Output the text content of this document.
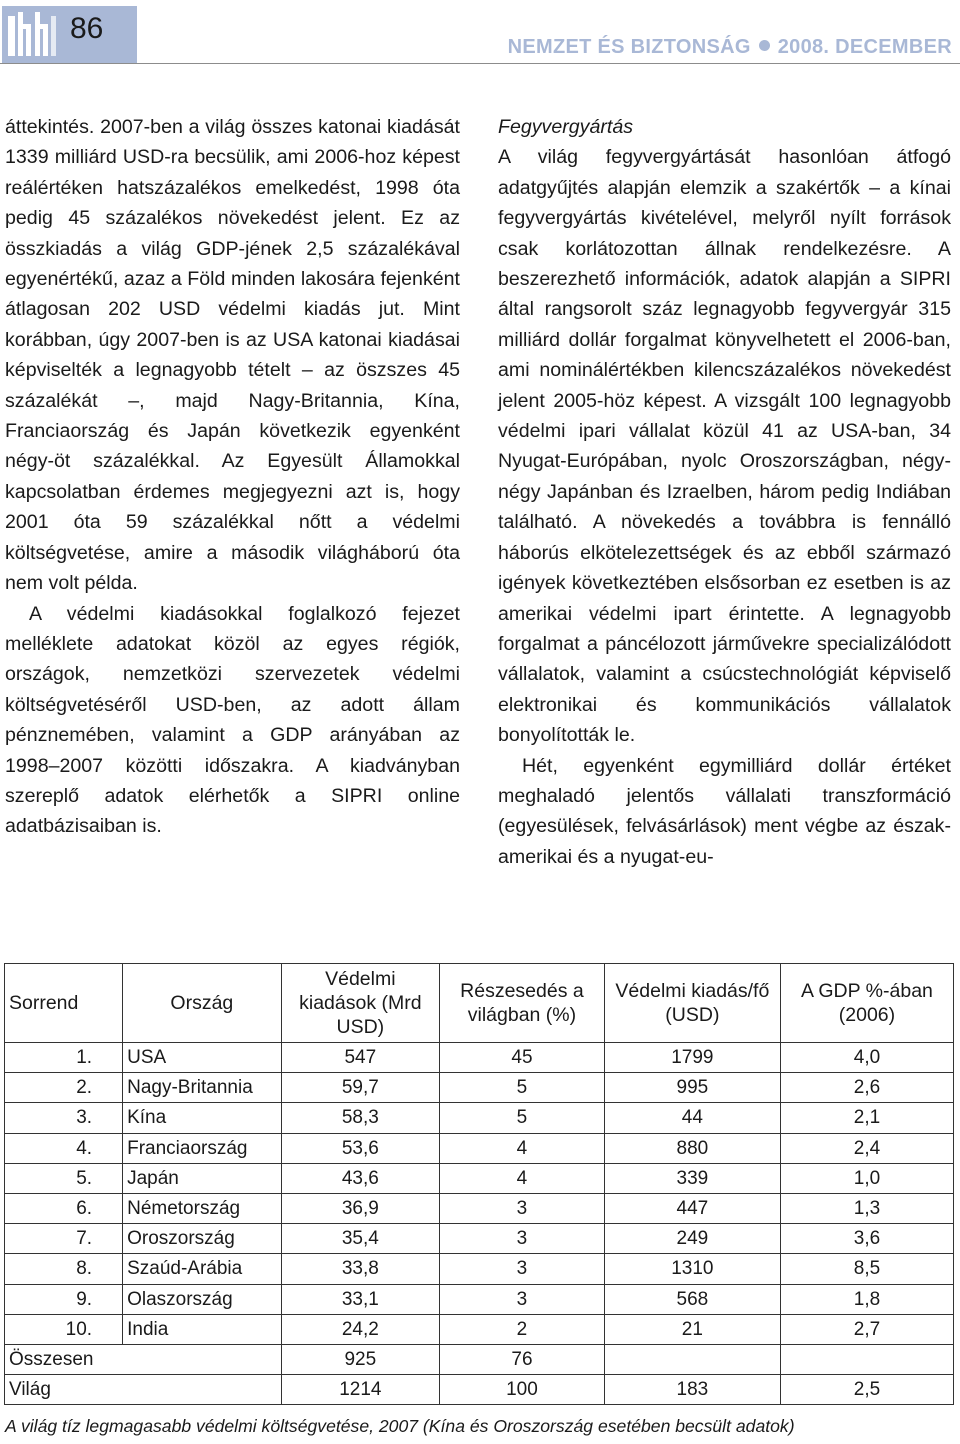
86
NEMZET ÉS BIZTONSÁG 2008. DECEMBER

áttekintés. 2007-ben a világ összes katonai kiadását 1339 milliárd USD-ra becsülik, ami 2006-hoz képest reálértéken hatszázalékos emelkedést, 1998 óta pedig 45 százalékos növekedést jelent. Ez az összkiadás a világ GDP-jének 2,5 százalékával egyenértékű, azaz a Föld minden lakosára fejenként átlagosan 202 USD védelmi kiadás jut. Mint korábban, úgy 2007-ben is az USA katonai kiadásai képviselték a legnagyobb tételt – az öszszes 45 százalékát –, majd Nagy-Britannia, Kína, Franciaország és Japán következik egyenként négy-öt százalékkal. Az Egyesült Államokkal kapcsolatban érdemes megjegyezni azt is, hogy 2001 óta 59 százalékkal nőtt a védelmi költségvetése, amire a második világháború óta nem volt példa.

A védelmi kiadásokkal foglalkozó fejezet melléklete adatokat közöl az egyes régiók, országok, nemzetközi szervezetek védelmi költségvetéséről USD-ben, az adott állam pénznemében, valamint a GDP arányában az 1998–2007 közötti időszakra. A kiadványban szereplő adatok elérhetők a SIPRI online adatbázisaiban is.

Fegyvergyártás

A világ fegyvergyártását hasonlóan átfogó adatgyűjtés alapján elemzik a szakértők – a kínai fegyvergyártás kivételével, melyről nyílt források csak korlátozottan állnak rendelkezésre. A beszerezhető információk, adatok alapján a SIPRI által rangsorolt száz legnagyobb fegyvergyár 315 milliárd dollár forgalmat könyvelhetett el 2006-ban, ami nominálértékben kilencszázalékos növekedést jelent 2005-höz képest. A vizsgált 100 legnagyobb védelmi ipari vállalat közül 41 az USA-ban, 34 Nyugat-Európában, nyolc Oroszországban, négy-négy Japánban és Izraelben, három pedig Indiában található. A növekedés a továbbra is fennálló háborús elkötelezettségek és az ebből származó igények következtében elsősorban ez esetben is az amerikai védelmi ipart érintette. A legnagyobb forgalmat a páncélozott járművekre specializálódott vállalatok, valamint a csúcstechnológiát képviselő elektronikai és kommunikációs vállalatok bonyolították le.

Hét, egyenként egymilliárd dollár értéket meghaladó jelentős vállalati transzformáció (egyesülések, felvásárlások) ment végbe az észak-amerikai és a nyugat-eu-

Sorrend	Ország	Védelmi kiadások (Mrd USD)	Részesedés a világban (%)	Védelmi kiadás/fő (USD)	A GDP %-ában (2006)
1.	USA	547	45	1799	4,0
2.	Nagy-Britannia	59,7	5	995	2,6
3.	Kína	58,3	5	44	2,1
4.	Franciaország	53,6	4	880	2,4
5.	Japán	43,6	4	339	1,0
6.	Németország	36,9	3	447	1,3
7.	Oroszország	35,4	3	249	3,6
8.	Szaúd-Arábia	33,8	3	1310	8,5
9.	Olaszország	33,1	3	568	1,8
10.	India	24,2	2	21	2,7
Összesen		925	76		
Világ		1214	100	183	2,5
A világ tíz legmagasabb védelmi költségvetése, 2007 (Kína és Oroszország esetében becsült adatok)
